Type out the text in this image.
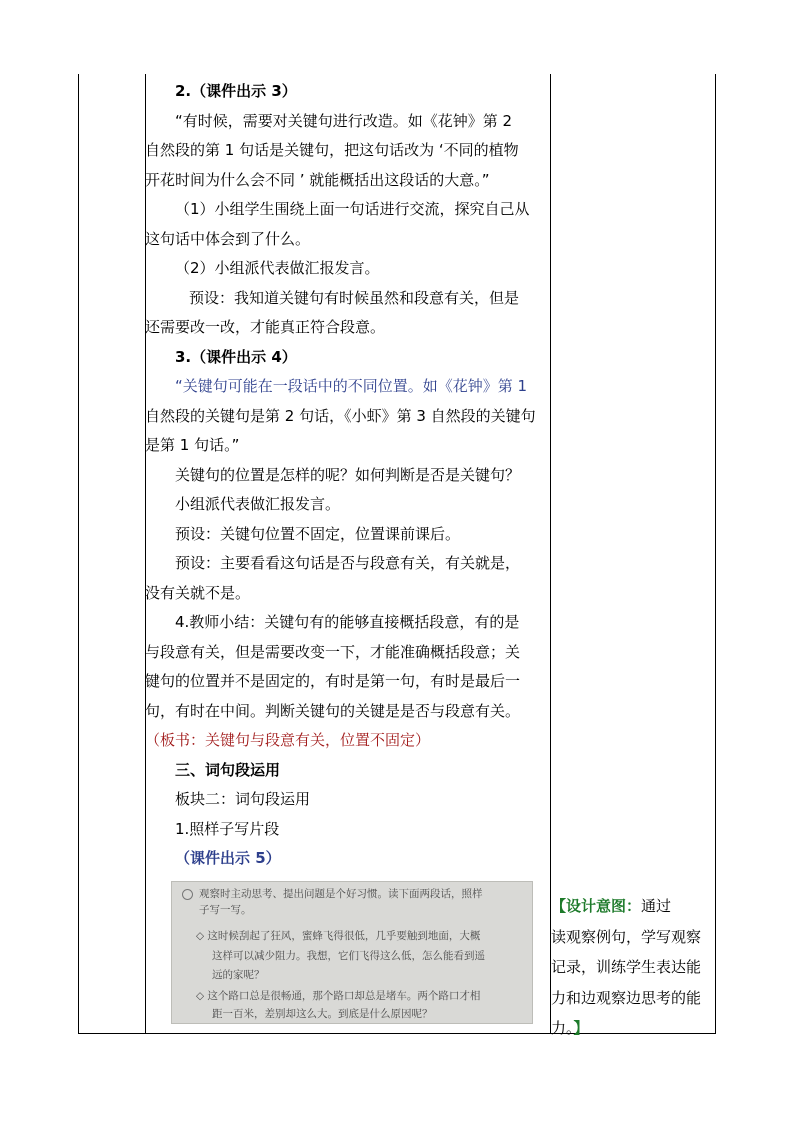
2.（课件出示 3）

“有时候，需要对关键句进行改造。如《花钟》第 2

自然段的第 1 句话是关键句，把这句话改为 ‘不同的植物

开花时间为什么会不同 ’ 就能概括出这段话的大意。”

（1）小组学生围绕上面一句话进行交流，探究自己从

这句话中体会到了什么。

（2）小组派代表做汇报发言。

预设：我知道关键句有时候虽然和段意有关，但是

还需要改一改，才能真正符合段意。

3.（课件出示 4）

“关键句可能在一段话中的不同位置。如《花钟》第 1

自然段的关键句是第 2 句话，《小虾》第 3 自然段的关键句

是第 1 句话。”

关键句的位置是怎样的呢？如何判断是否是关键句？

小组派代表做汇报发言。

预设：关键句位置不固定，位置课前课后。

预设：主要看看这句话是否与段意有关，有关就是，

没有关就不是。

4.教师小结：关键句有的能够直接概括段意，有的是

与段意有关，但是需要改变一下，才能准确概括段意；关

键句的位置并不是固定的，有时是第一句，有时是最后一

句，有时在中间。判断关键句的关键是是否与段意有关。

（板书：关键句与段意有关，位置不固定）

三、词句段运用

板块二：词句段运用

1.照样子写片段

（课件出示 5）

观察时主动思考、提出问题是个好习惯。读下面两段话，照样
子写一写。
◇ 这时候刮起了狂风，蜜蜂飞得很低，几乎要触到地面，大概
这样可以减少阻力。我想，它们飞得这么低，怎么能看到遥
远的家呢？
◇ 这个路口总是很畅通，那个路口却总是堵车。两个路口才相
距一百米，差别却这么大。到底是什么原因呢？
【设计意图：通过
读观察例句，学写观察
记录，训练学生表达能
力和边观察边思考的能
力。】
